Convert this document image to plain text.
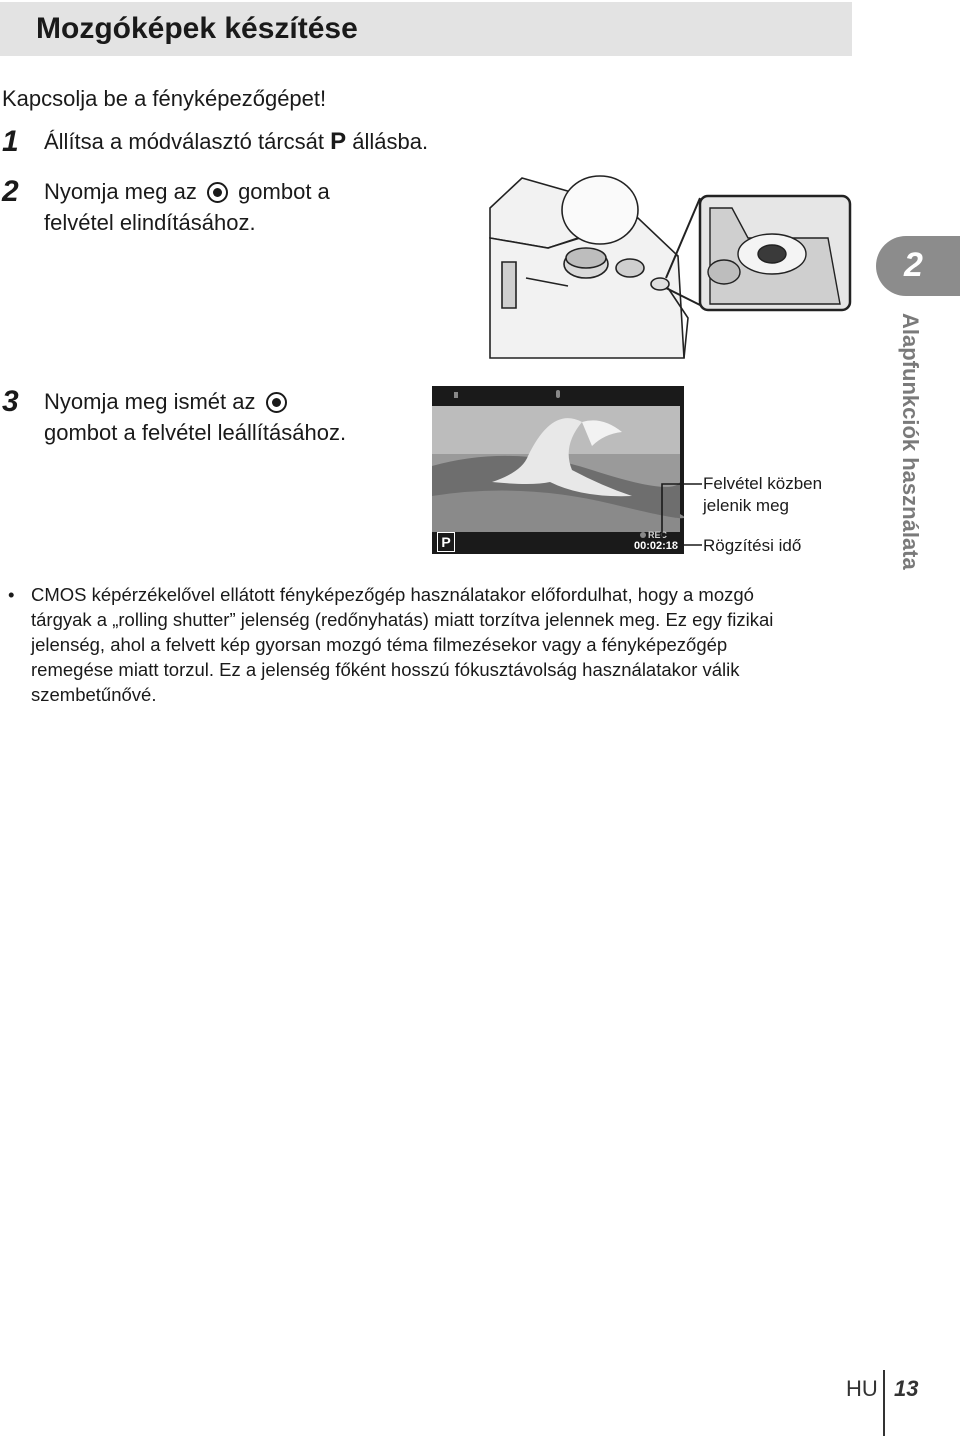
Mozgóképek készítése
Kapcsolja be a fényképezőgépet!
1 Állítsa a módválasztó tárcsát P állásba.
2 Nyomja meg az  gombot a
felvétel elindításához.
3 Nyomja meg ismét az
gombot a felvétel leállításához.
P	REC
00:02:18
Felvétel közben
jelenik meg
Rögzítési idő
• CMOS képérzékelővel ellátott fényképezőgép használatakor előfordulhat, hogy a mozgó tárgyak a „rolling shutter” jelenség (redőnyhatás) miatt torzítva jelennek meg. Ez egy fizikai jelenség, ahol a felvett kép gyorsan mozgó téma filmezésekor vagy a fényképezőgép remegése miatt torzul. Ez a jelenség főként hosszú fókusztávolság használatakor válik szembetűnővé.
2
Alapfunkciók használata
HU 13
